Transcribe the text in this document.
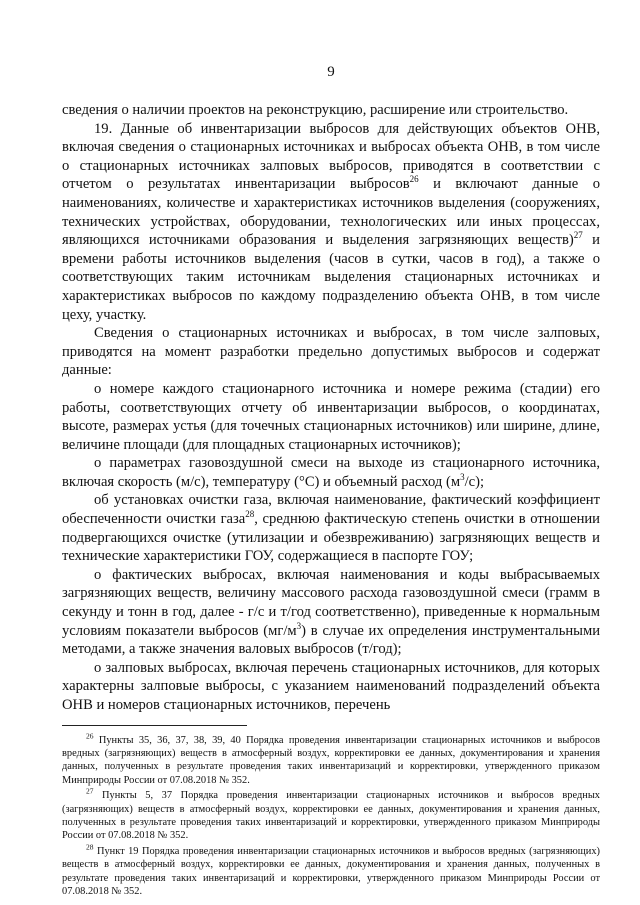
9

сведения о наличии проектов на реконструкцию, расширение или строительство.

19. Данные об инвентаризации выбросов для действующих объектов ОНВ, включая сведения о стационарных источниках и выбросах объекта ОНВ, в том числе о стационарных источниках залповых выбросов, приводятся в соответствии с отчетом о результатах инвентаризации выбросов$^{26}$ и включают данные о наименованиях, количестве и характеристиках источников выделения (сооружениях, технических устройствах, оборудовании, технологических или иных процессах, являющихся источниками образования и выделения загрязняющих веществ)$^{27}$ и времени работы источников выделения (часов в сутки, часов в год), а также о соответствующих таким источникам выделения стационарных источниках и характеристиках выбросов по каждому подразделению объекта ОНВ, в том числе цеху, участку.

Сведения о стационарных источниках и выбросах, в том числе залповых, приводятся на момент разработки предельно допустимых выбросов и содержат данные:

о номере каждого стационарного источника и номере режима (стадии) его работы, соответствующих отчету об инвентаризации выбросов, о координатах, высоте, размерах устья (для точечных стационарных источников) или ширине, длине, величине площади (для площадных стационарных источников);

о параметрах газовоздушной смеси на выходе из стационарного источника, включая скорость (м/с), температуру (°С) и объемный расход $(м^3/с)$;

об установках очистки газа, включая наименование, фактический коэффициент обеспеченности очистки газа$^{28}$, среднюю фактическую степень очистки в отношении подвергающихся очистке (утилизации и обезвреживанию) загрязняющих веществ и технические характеристики ГОУ, содержащиеся в паспорте ГОУ;

о фактических выбросах, включая наименования и коды выбрасываемых загрязняющих веществ, величину массового расхода газовоздушной смеси (грамм в секунду и тонн в год, далее - г/с и т/год соответственно), приведенные к нормальным условиям показатели выбросов $(мг/м^3)$ в случае их определения инструментальными методами, а также значения валовых выбросов (т/год);

о залповых выбросах, включая перечень стационарных источников, для которых характерны залповые выбросы, с указанием наименований подразделений объекта ОНВ и номеров стационарных источников, перечень

$^{26}$ Пункты 35, 36, 37, 38, 39, 40 Порядка проведения инвентаризации стационарных источников и выбросов вредных (загрязняющих) веществ в атмосферный воздух, корректировки ее данных, документирования и хранения данных, полученных в результате проведения таких инвентаризаций и корректировки, утвержденного приказом Минприроды России от 07.08.2018 № 352.

$^{27}$ Пункты 5, 37 Порядка проведения инвентаризации стационарных источников и выбросов вредных (загрязняющих) веществ в атмосферный воздух, корректировки ее данных, документирования и хранения данных, полученных в результате проведения таких инвентаризаций и корректировки, утвержденного приказом Минприроды России от 07.08.2018 № 352.

$^{28}$ Пункт 19 Порядка проведения инвентаризации стационарных источников и выбросов вредных (загрязняющих) веществ в атмосферный воздух, корректировки ее данных, документирования и хранения данных, полученных в результате проведения таких инвентаризаций и корректировки, утвержденного приказом Минприроды России от 07.08.2018 № 352.
